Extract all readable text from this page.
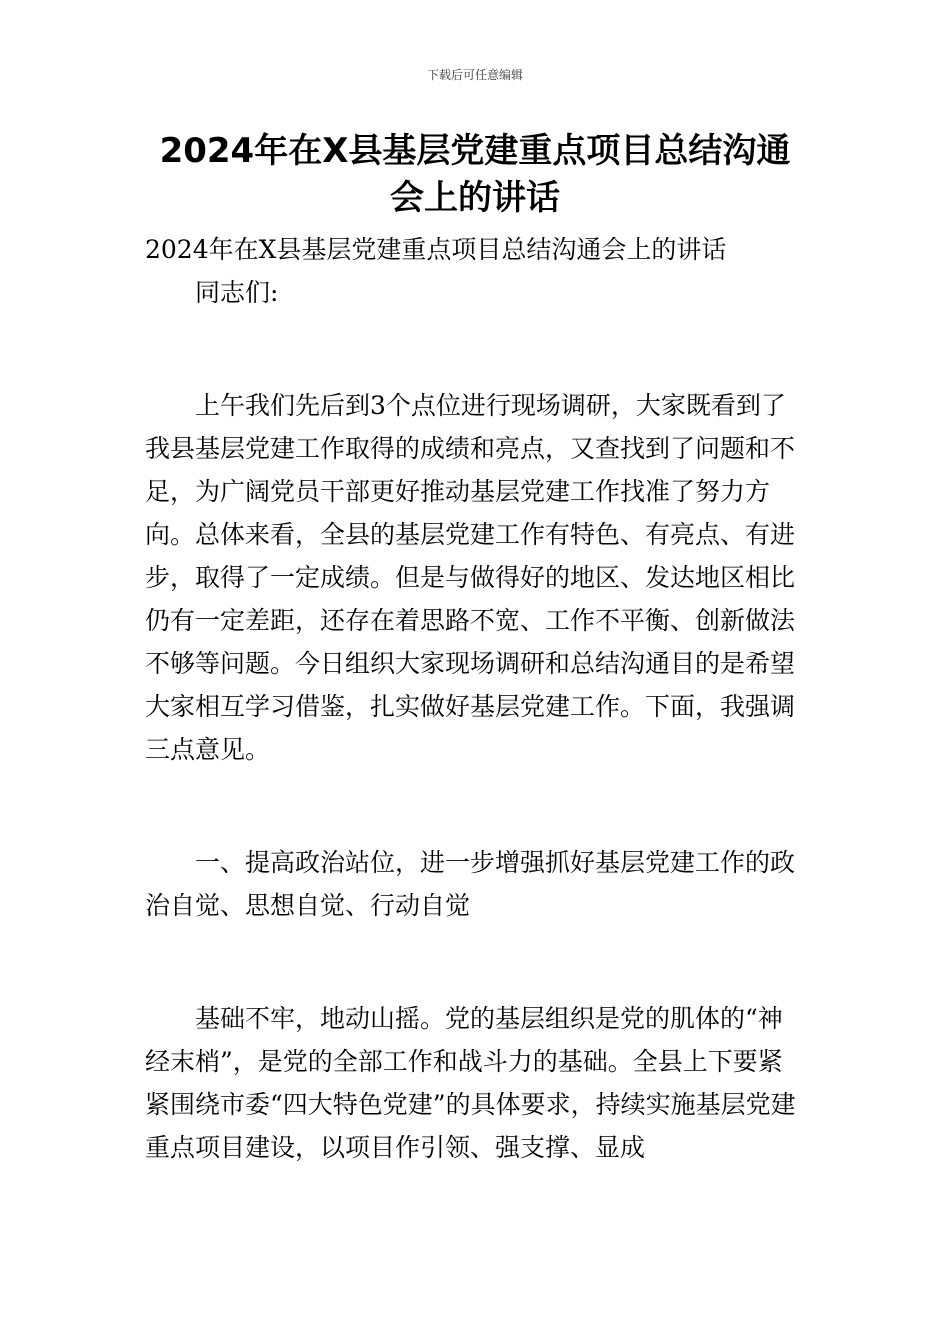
下载后可任意编辑
2024年在X县基层党建重点项目总结沟通会上的讲话

2024年在X县基层党建重点项目总结沟通会上的讲话

同志们:

上午我们先后到3个点位进行现场调研，大家既看到了我县基层党建工作取得的成绩和亮点，又查找到了问题和不足，为广阔党员干部更好推动基层党建工作找准了努力方向。总体来看，全县的基层党建工作有特色、有亮点、有进步，取得了一定成绩。但是与做得好的地区、发达地区相比仍有一定差距，还存在着思路不宽、工作不平衡、创新做法不够等问题。今日组织大家现场调研和总结沟通目的是希望大家相互学习借鉴，扎实做好基层党建工作。下面，我强调三点意见。

一、提高政治站位，进一步增强抓好基层党建工作的政治自觉、思想自觉、行动自觉

基础不牢，地动山摇。党的基层组织是党的肌体的“神经末梢”，是党的全部工作和战斗力的基础。全县上下要紧紧围绕市委“四大特色党建”的具体要求，持续实施基层党建重点项目建设，以项目作引领、强支撑、显成
